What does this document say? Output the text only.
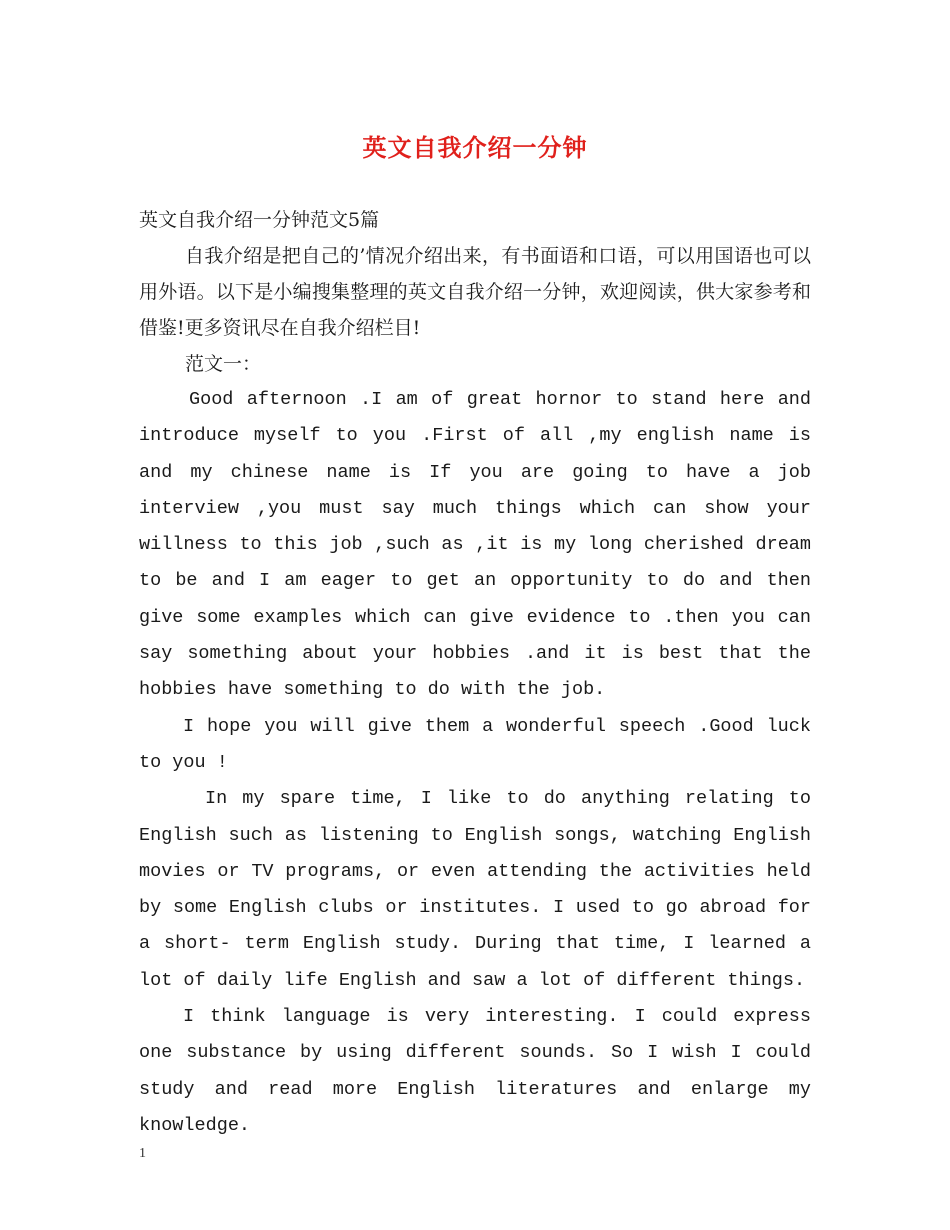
英文自我介绍一分钟

英文自我介绍一分钟范文5篇

自我介绍是把自己的’情况介绍出来，有书面语和口语，可以用国语也可以用外语。以下是小编搜集整理的英文自我介绍一分钟，欢迎阅读，供大家参考和借鉴!更多资讯尽在自我介绍栏目!

范文一：

Good afternoon .I am of great hornor to stand here and introduce myself to you .First of all ,my english name is and my chinese name is If you are going to have a job interview ,you must say much things which can show your willness to this job ,such as ,it is my long cherished dream to be and I am eager to get an opportunity to do and then give some examples which can give evidence to .then you can say something about your hobbies .and it is best that the hobbies have something to do with the job.

I hope you will give them a wonderful speech .Good luck to you !

In my spare time, I like to do anything relating to English such as listening to English songs, watching English movies or TV programs, or even attending the activities held by some English clubs or institutes. I used to go abroad for a short- term English study. During that time, I learned a lot of daily life English and saw a lot of different things.

I think language is very interesting. I could express one substance by using different sounds. So I wish I could study and read more English literatures and enlarge my knowledge.

1
